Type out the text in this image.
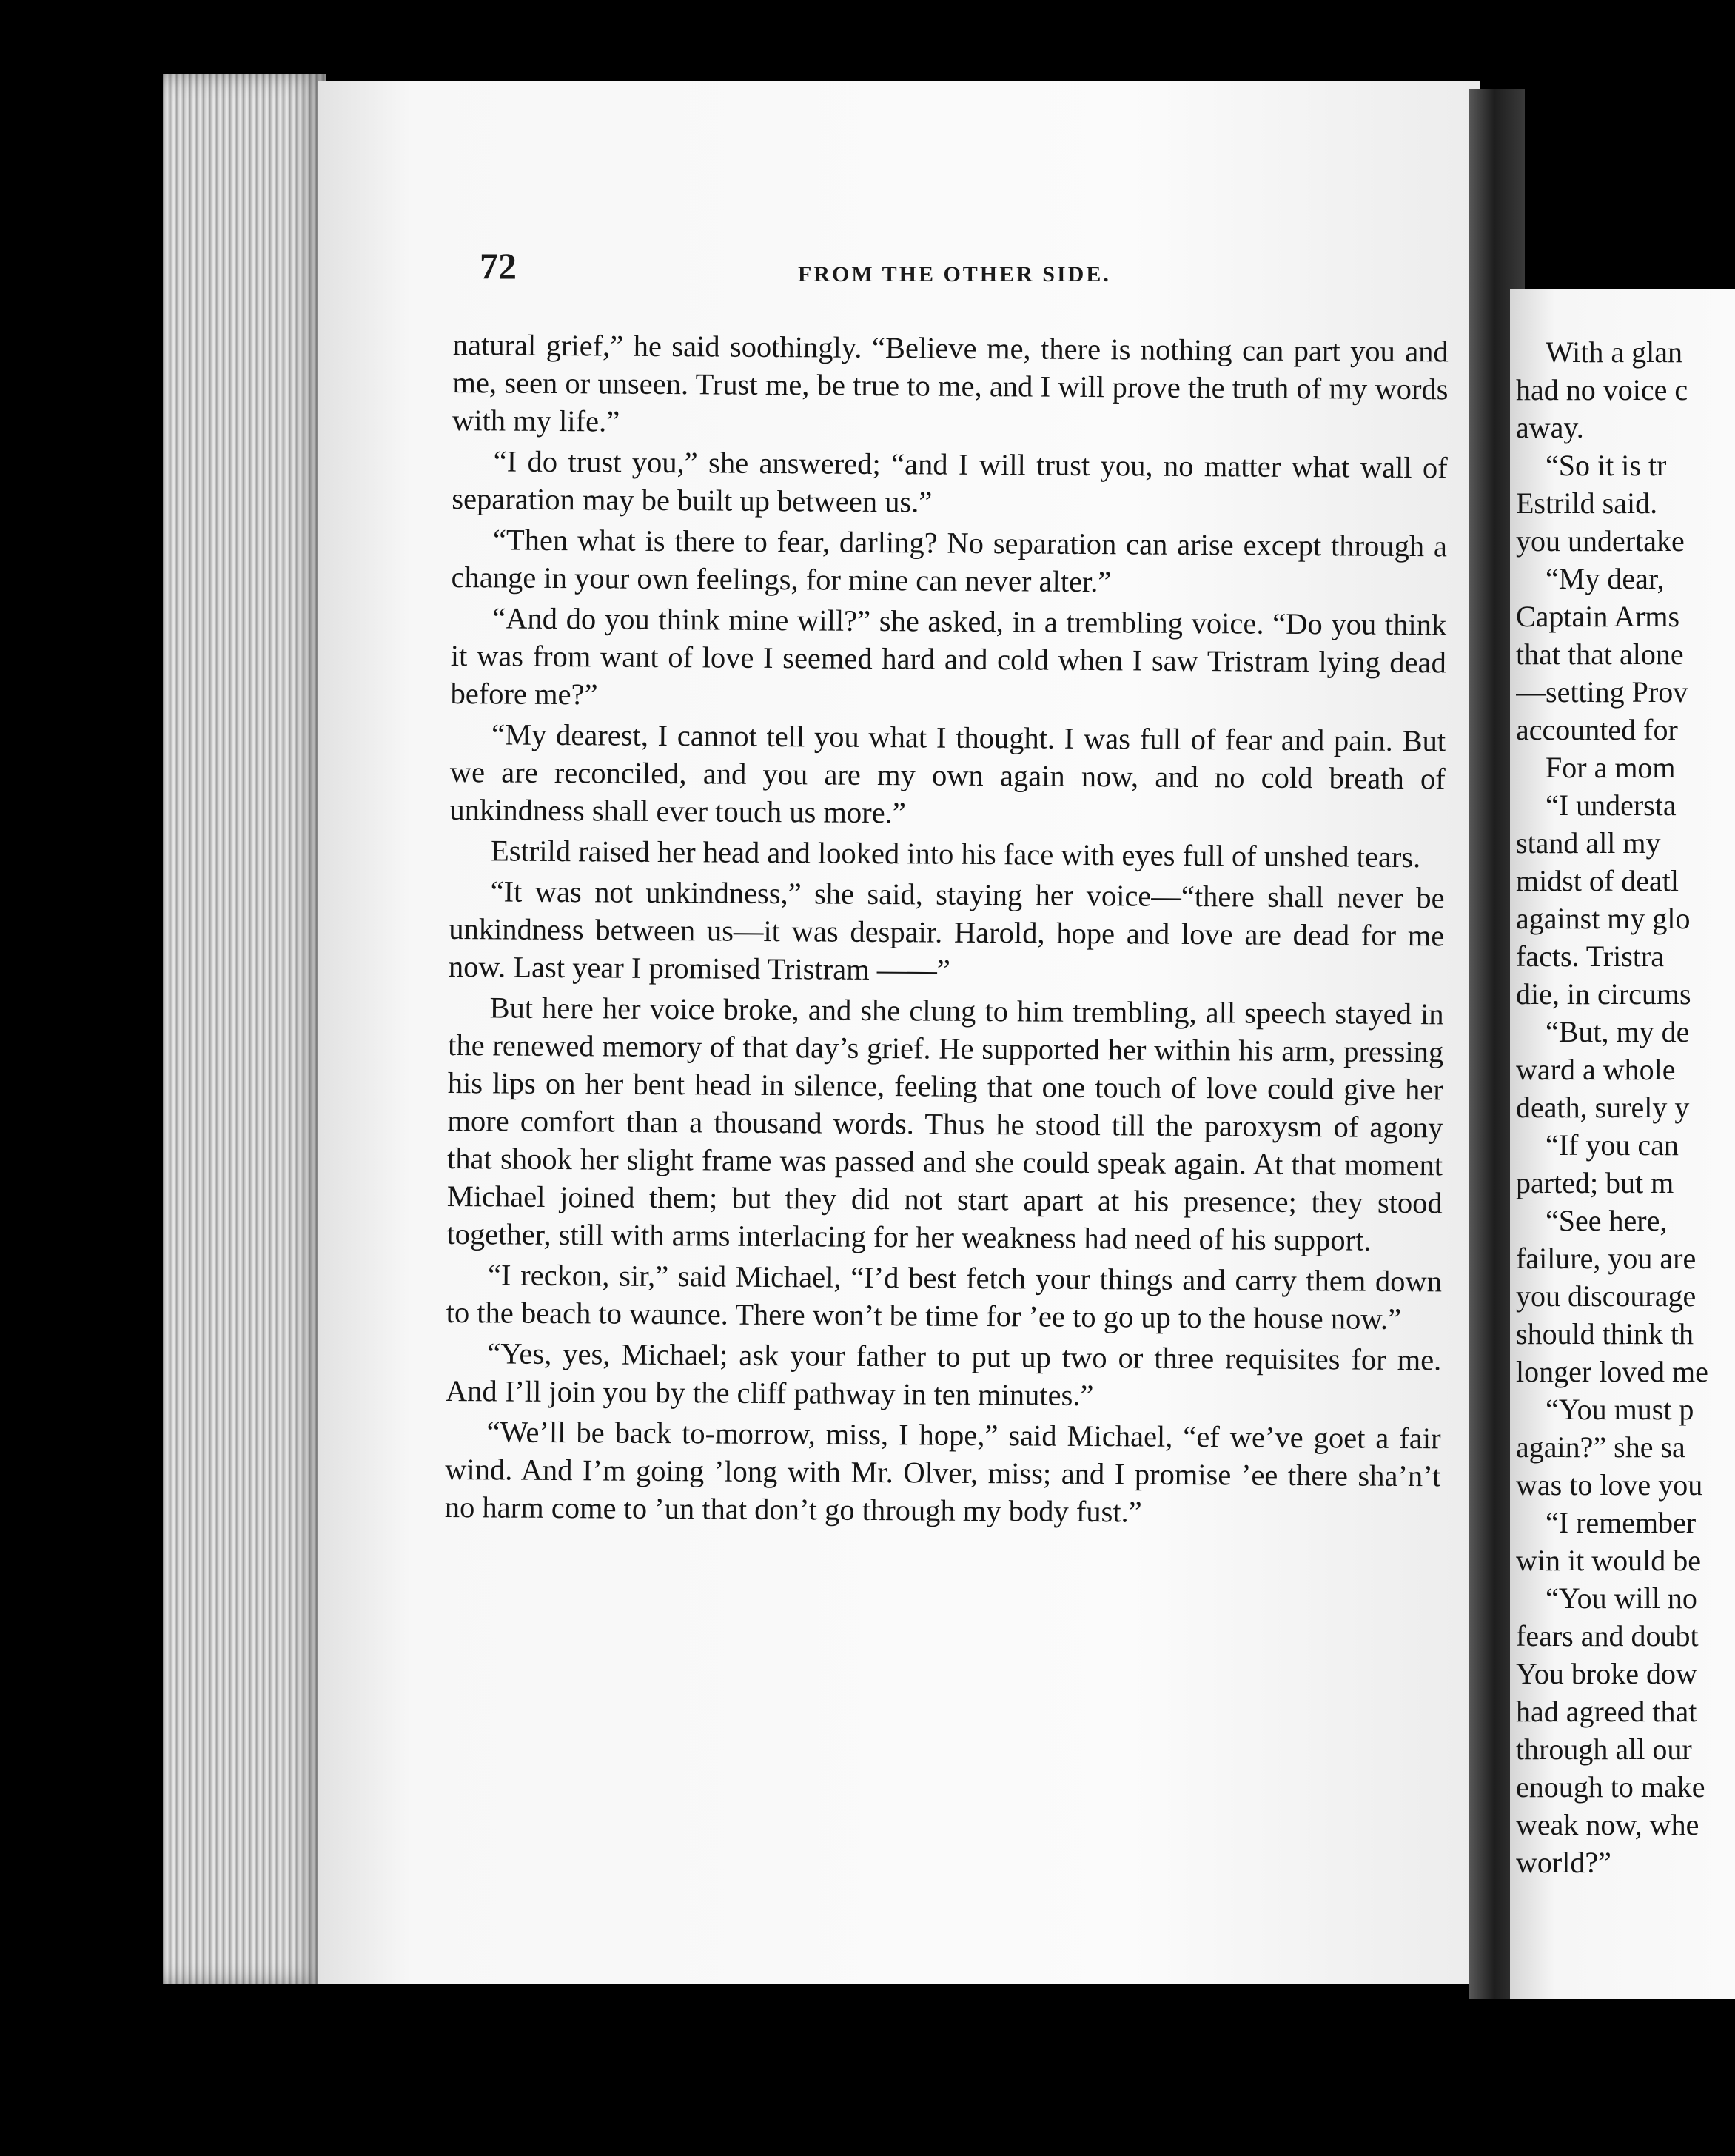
72	FROM THE OTHER SIDE.

natural grief,” he said soothingly. “Believe me, there is nothing can part you and me, seen or unseen. Trust me, be true to me, and I will prove the truth of my words with my life.”

“I do trust you,” she answered; “and I will trust you, no matter what wall of separation may be built up between us.”

“Then what is there to fear, darling? No separation can arise except through a change in your own feelings, for mine can never alter.”

“And do you think mine will?” she asked, in a trembling voice. “Do you think it was from want of love I seemed hard and cold when I saw Tristram lying dead before me?”

“My dearest, I cannot tell you what I thought. I was full of fear and pain. But we are reconciled, and you are my own again now, and no cold breath of unkindness shall ever touch us more.”

Estrild raised her head and looked into his face with eyes full of unshed tears.

“It was not unkindness,” she said, staying her voice—“there shall never be unkindness between us—it was despair. Harold, hope and love are dead for me now. Last year I promised Tristram ——”

But here her voice broke, and she clung to him trembling, all speech stayed in the renewed memory of that day’s grief. He supported her within his arm, pressing his lips on her bent head in silence, feeling that one touch of love could give her more comfort than a thousand words. Thus he stood till the paroxysm of agony that shook her slight frame was passed and she could speak again. At that moment Michael joined them; but they did not start apart at his presence; they stood together, still with arms interlacing for her weakness had need of his support.

“I reckon, sir,” said Michael, “I’d best fetch your things and carry them down to the beach to waunce. There won’t be time for ’ee to go up to the house now.”

“Yes, yes, Michael; ask your father to put up two or three requisites for me. And I’ll join you by the cliff pathway in ten minutes.”

“We’ll be back to-morrow, miss, I hope,” said Michael, “ef we’ve goet a fair wind. And I’m going ’long with Mr. Olver, miss; and I promise ’ee there sha’n’t no harm come to ’un that don’t go through my body fust.”

With a glan
had no voice c
away.
“So it is tr
Estrild said.
you undertake
“My dear,
Captain Arms
that that alone
—setting Prov
accounted for
For a mom
“I understa
stand all my
midst of deatl
against my glo
facts. Tristra
die, in circums
“But, my de
ward a whole
death, surely y
“If you can
parted; but m
“See here,
failure, you are
you discourage
should think th
longer loved me
“You must p
again?” she sa
was to love you
“I remember
win it would be
“You will no
fears and doubt
You broke dow
had agreed that
through all our
enough to make
weak now, whe
world?”
